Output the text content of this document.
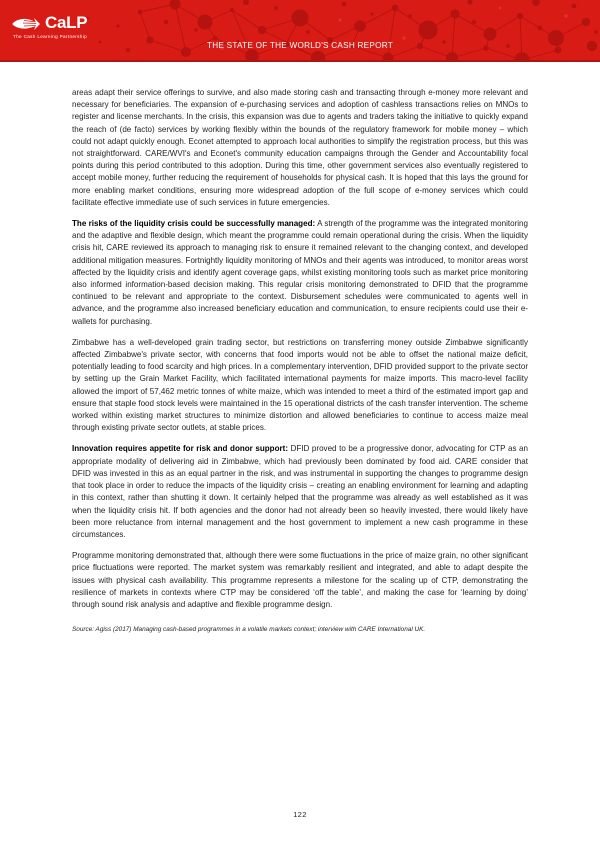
CaLP
The Cash Learning Partnership
THE STATE OF THE WORLD'S CASH REPORT

areas adapt their service offerings to survive, and also made storing cash and transacting through e-money more relevant and necessary for beneficiaries. The expansion of e-purchasing services and adoption of cashless transactions relies on MNOs to register and license merchants. In the crisis, this expansion was due to agents and traders taking the initiative to quickly expand the reach of (de facto) services by working flexibly within the bounds of the regulatory framework for mobile money – which could not adapt quickly enough. Econet attempted to approach local authorities to simplify the registration process, but this was not straightforward. CARE/WVI's and Econet's community education campaigns through the Gender and Accountability focal points during this period contributed to this adoption. During this time, other government services also eventually registered to accept mobile money, further reducing the requirement of households for physical cash. It is hoped that this lays the ground for more enabling market conditions, ensuring more widespread adoption of the full scope of e-money services which could facilitate effective immediate use of such services in future emergencies.

The risks of the liquidity crisis could be successfully managed: A strength of the programme was the integrated monitoring and the adaptive and flexible design, which meant the programme could remain operational during the crisis. When the liquidity crisis hit, CARE reviewed its approach to managing risk to ensure it remained relevant to the changing context, and developed additional mitigation measures. Fortnightly liquidity monitoring of MNOs and their agents was introduced, to monitor areas worst affected by the liquidity crisis and identify agent coverage gaps, whilst existing monitoring tools such as market price monitoring also informed information-based decision making. This regular crisis monitoring demonstrated to DFID that the programme continued to be relevant and appropriate to the context. Disbursement schedules were communicated to agents well in advance, and the programme also increased beneficiary education and communication, to ensure recipients could use their e-wallets for purchasing.

Zimbabwe has a well-developed grain trading sector, but restrictions on transferring money outside Zimbabwe significantly affected Zimbabwe's private sector, with concerns that food imports would not be able to offset the national maize deficit, potentially leading to food scarcity and high prices. In a complementary intervention, DFID provided support to the private sector by setting up the Grain Market Facility, which facilitated international payments for maize imports. This macro-level facility allowed the import of 57,462 metric tonnes of white maize, which was intended to meet a third of the estimated import gap and ensure that staple food stock levels were maintained in the 15 operational districts of the cash transfer intervention. The scheme worked within existing market structures to minimize distortion and allowed beneficiaries to continue to access maize meal through existing private sector outlets, at stable prices.

Innovation requires appetite for risk and donor support: DFID proved to be a progressive donor, advocating for CTP as an appropriate modality of delivering aid in Zimbabwe, which had previously been dominated by food aid. CARE consider that DFID was invested in this as an equal partner in the risk, and was instrumental in supporting the changes to programme design that took place in order to reduce the impacts of the liquidity crisis – creating an enabling environment for learning and adapting in this context, rather than shutting it down. It certainly helped that the programme was already as well established as it was when the liquidity crisis hit. If both agencies and the donor had not already been so heavily invested, there would likely have been more reluctance from internal management and the host government to implement a new cash programme in these circumstances.

Programme monitoring demonstrated that, although there were some fluctuations in the price of maize grain, no other significant price fluctuations were reported. The market system was remarkably resilient and integrated, and able to adapt despite the issues with physical cash availability. This programme represents a milestone for the scaling up of CTP, demonstrating the resilience of markets in contexts where CTP may be considered ‘off the table’, and making the case for ‘learning by doing’ through sound risk analysis and adaptive and flexible programme design.

Source: Agiss (2017) Managing cash-based programmes in a volatile markets context; interview with CARE International UK.

122
